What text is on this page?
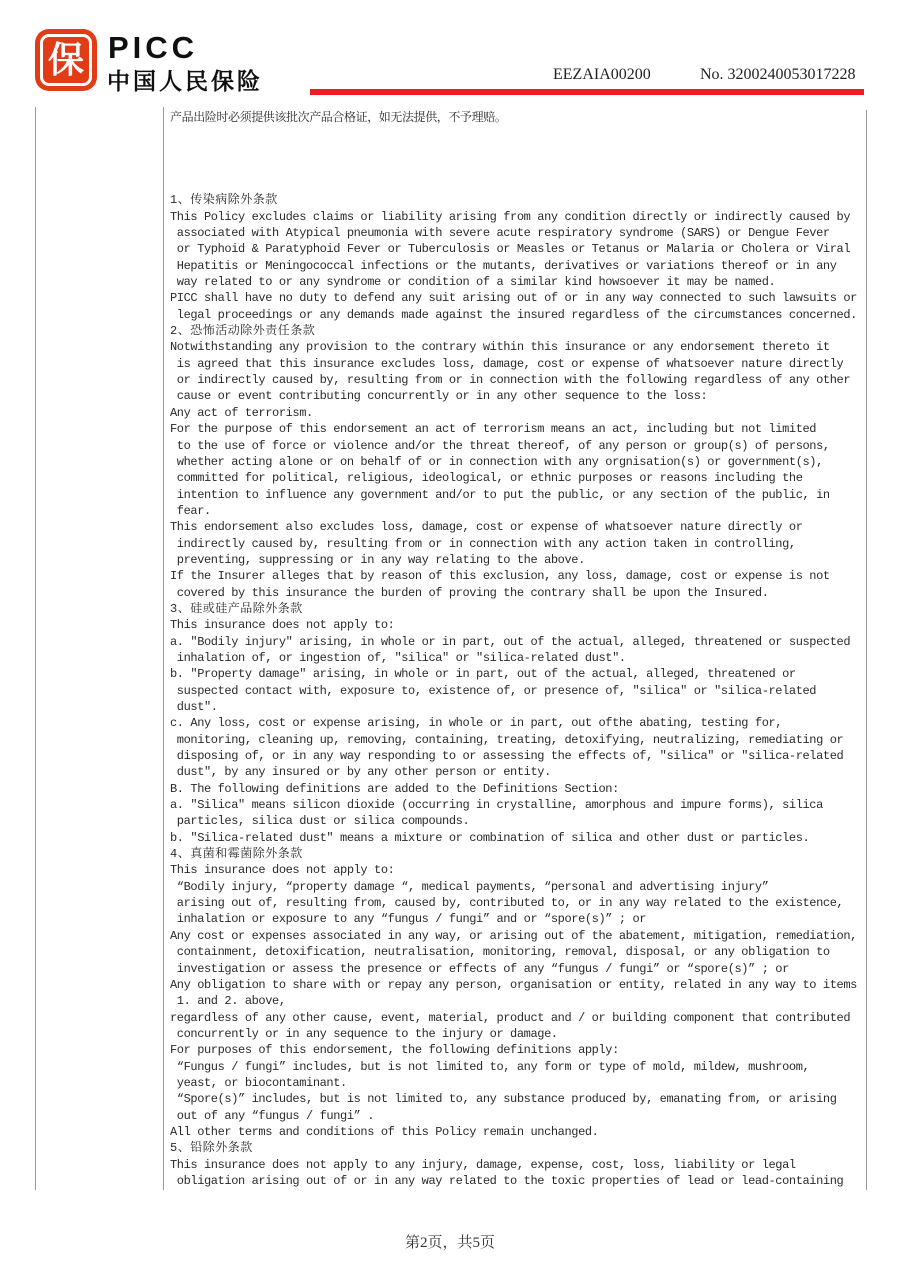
保 PICC
中国人民保险	EEZAIA00200	No. 3200240053017228
产品出险时必须提供该批次产品合格证，如无法提供，不予理赔。
1、传染病除外条款
This Policy excludes claims or liability arising from any condition directly or indirectly caused by
associated with Atypical pneumonia with severe acute respiratory syndrome (SARS) or Dengue Fever
or Typhoid & Paratyphoid Fever or Tuberculosis or Measles or Tetanus or Malaria or Cholera or Viral
Hepatitis or Meningococcal infections or the mutants, derivatives or variations thereof or in any
way related to or any syndrome or condition of a similar kind howsoever it may be named.
PICC shall have no duty to defend any suit arising out of or in any way connected to such lawsuits or
legal proceedings or any demands made against the insured regardless of the circumstances concerned.
2、恐怖活动除外责任条款
Notwithstanding any provision to the contrary within this insurance or any endorsement thereto it
is agreed that this insurance excludes loss, damage, cost or expense of whatsoever nature directly
or indirectly caused by, resulting from or in connection with the following regardless of any other
cause or event contributing concurrently or in any other sequence to the loss:
Any act of terrorism.
For the purpose of this endorsement an act of terrorism means an act, including but not limited
to the use of force or violence and/or the threat thereof, of any person or group(s) of persons,
whether acting alone or on behalf of or in connection with any orgnisation(s) or government(s),
committed for political, religious, ideological, or ethnic purposes or reasons including the
intention to influence any government and/or to put the public, or any section of the public, in
fear.
This endorsement also excludes loss, damage, cost or expense of whatsoever nature directly or
indirectly caused by, resulting from or in connection with any action taken in controlling,
preventing, suppressing or in any way relating to the above.
If the Insurer alleges that by reason of this exclusion, any loss, damage, cost or expense is not
covered by this insurance the burden of proving the contrary shall be upon the Insured.
3、硅或硅产品除外条款
This insurance does not apply to:
a. "Bodily injury" arising, in whole or in part, out of the actual, alleged, threatened or suspected
inhalation of, or ingestion of, "silica" or "silica-related dust".
b. "Property damage" arising, in whole or in part, out of the actual, alleged, threatened or
suspected contact with, exposure to, existence of, or presence of, "silica" or "silica-related
dust".
c. Any loss, cost or expense arising, in whole or in part, out ofthe abating, testing for,
monitoring, cleaning up, removing, containing, treating, detoxifying, neutralizing, remediating or
disposing of, or in any way responding to or assessing the effects of, "silica" or "silica-related
dust", by any insured or by any other person or entity.
B. The following definitions are added to the Definitions Section:
a. "Silica" means silicon dioxide (occurring in crystalline, amorphous and impure forms), silica
particles, silica dust or silica compounds.
b. "Silica-related dust" means a mixture or combination of silica and other dust or particles.
4、真菌和霉菌除外条款
This insurance does not apply to:
“Bodily injury, “property damage “, medical payments, “personal and advertising injury”
arising out of, resulting from, caused by, contributed to, or in any way related to the existence,
inhalation or exposure to any “fungus / fungi” and or “spore(s)” ; or
Any cost or expenses associated in any way, or arising out of the abatement, mitigation, remediation,
containment, detoxification, neutralisation, monitoring, removal, disposal, or any obligation to
investigation or assess the presence or effects of any “fungus / fungi” or “spore(s)” ; or
Any obligation to share with or repay any person, organisation or entity, related in any way to items
1. and 2. above,
regardless of any other cause, event, material, product and / or building component that contributed
concurrently or in any sequence to the injury or damage.
For purposes of this endorsement, the following definitions apply:
“Fungus / fungi” includes, but is not limited to, any form or type of mold, mildew, mushroom,
yeast, or biocontaminant.
“Spore(s)” includes, but is not limited to, any substance produced by, emanating from, or arising
out of any “fungus / fungi” .
All other terms and conditions of this Policy remain unchanged.
5、铅除外条款
This insurance does not apply to any injury, damage, expense, cost, loss, liability or legal
obligation arising out of or in any way related to the toxic properties of lead or lead-containing
第2页，共5页
